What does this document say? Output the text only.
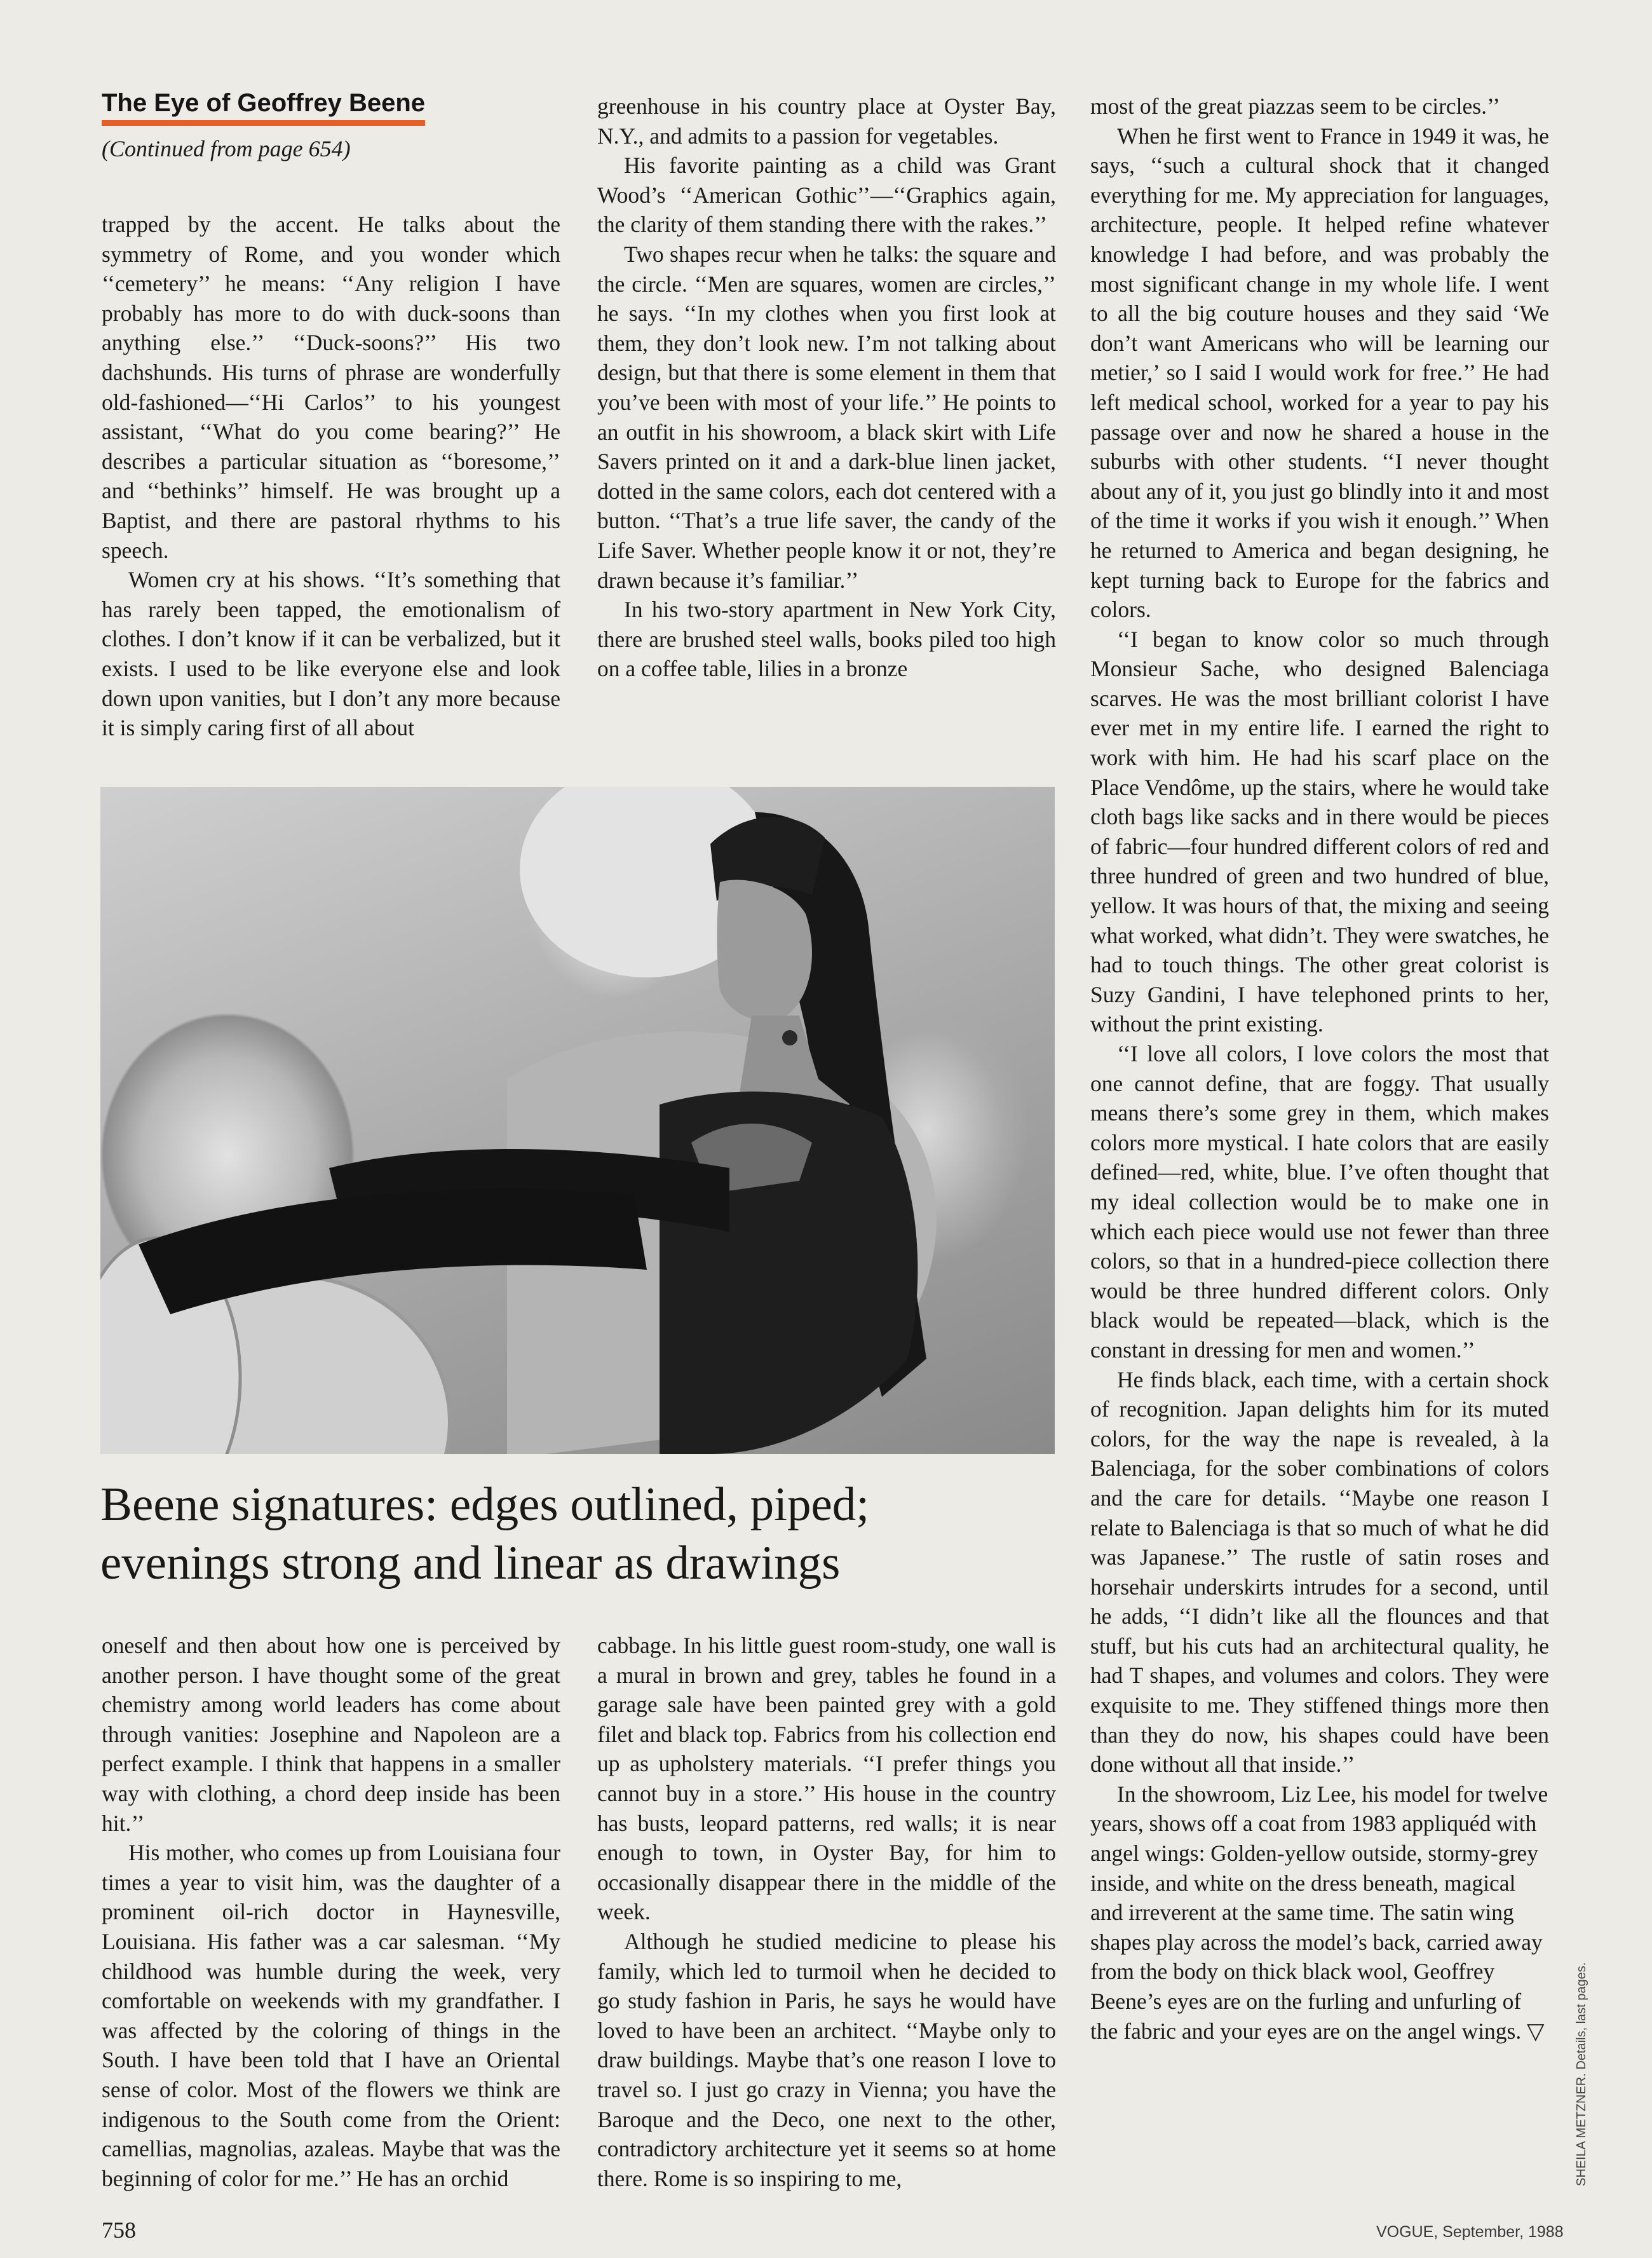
The Eye of Geoffrey Beene
(Continued from page 654)

trapped by the accent. He talks about the symmetry of Rome, and you wonder which ‘‘cemetery’’ he means: ‘‘Any religion I have probably has more to do with duck-soons than anything else.’’ ‘‘Duck-soons?’’ His two dachshunds. His turns of phrase are wonderfully old-fashioned—‘‘Hi Carlos’’ to his youngest assistant, ‘‘What do you come bearing?’’ He describes a particular situation as ‘‘boresome,’’ and ‘‘bethinks’’ himself. He was brought up a Baptist, and there are pastoral rhythms to his speech.

Women cry at his shows. ‘‘It’s something that has rarely been tapped, the emotionalism of clothes. I don’t know if it can be verbalized, but it exists. I used to be like everyone else and look down upon vanities, but I don’t any more because it is simply caring first of all about

greenhouse in his country place at Oyster Bay, N.Y., and admits to a passion for vegetables.

His favorite painting as a child was Grant Wood’s ‘‘American Gothic’’—‘‘Graphics again, the clarity of them standing there with the rakes.’’

Two shapes recur when he talks: the square and the circle. ‘‘Men are squares, women are circles,’’ he says. ‘‘In my clothes when you first look at them, they don’t look new. I’m not talking about design, but that there is some element in them that you’ve been with most of your life.’’ He points to an outfit in his showroom, a black skirt with Life Savers printed on it and a dark-blue linen jacket, dotted in the same colors, each dot centered with a button. ‘‘That’s a true life saver, the candy of the Life Saver. Whether people know it or not, they’re drawn because it’s familiar.’’

In his two-story apartment in New York City, there are brushed steel walls, books piled too high on a coffee table, lilies in a bronze

most of the great piazzas seem to be circles.’’

When he first went to France in 1949 it was, he says, ‘‘such a cultural shock that it changed everything for me. My appreciation for languages, architecture, people. It helped refine whatever knowledge I had before, and was probably the most significant change in my whole life. I went to all the big couture houses and they said ‘We don’t want Americans who will be learning our metier,’ so I said I would work for free.’’ He had left medical school, worked for a year to pay his passage over and now he shared a house in the suburbs with other students. ‘‘I never thought about any of it, you just go blindly into it and most of the time it works if you wish it enough.’’ When he returned to America and began designing, he kept turning back to Europe for the fabrics and colors.

‘‘I began to know color so much through Monsieur Sache, who designed Balenciaga scarves. He was the most brilliant colorist I have ever met in my entire life. I earned the right to work with him. He had his scarf place on the Place Vendôme, up the stairs, where he would take cloth bags like sacks and in there would be pieces of fabric—four hundred different colors of red and three hundred of green and two hundred of blue, yellow. It was hours of that, the mixing and seeing what worked, what didn’t. They were swatches, he had to touch things. The other great colorist is Suzy Gandini, I have telephoned prints to her, without the print existing.

‘‘I love all colors, I love colors the most that one cannot define, that are foggy. That usually means there’s some grey in them, which makes colors more mystical. I hate colors that are easily defined—red, white, blue. I’ve often thought that my ideal collection would be to make one in which each piece would use not fewer than three colors, so that in a hundred-piece collection there would be three hundred different colors. Only black would be repeated—black, which is the constant in dressing for men and women.’’

He finds black, each time, with a certain shock of recognition. Japan delights him for its muted colors, for the way the nape is revealed, à la Balenciaga, for the sober combinations of colors and the care for details. ‘‘Maybe one reason I relate to Balenciaga is that so much of what he did was Japanese.’’ The rustle of satin roses and horsehair underskirts intrudes for a second, until he adds, ‘‘I didn’t like all the flounces and that stuff, but his cuts had an architectural quality, he had T shapes, and volumes and colors. They were exquisite to me. They stiffened things more then than they do now, his shapes could have been done without all that inside.’’

In the showroom, Liz Lee, his model for twelve years, shows off a coat from 1983 appliquéd with angel wings: Golden-yellow outside, stormy-grey inside, and white on the dress beneath, magical and irreverent at the same time. The satin wing shapes play across the model’s back, carried away from the body on thick black wool, Geoffrey Beene’s eyes are on the furling and unfurling of the fabric and your eyes are on the angel wings. ▽

Beene signatures: edges outlined, piped;
evenings strong and linear as drawings

oneself and then about how one is perceived by another person. I have thought some of the great chemistry among world leaders has come about through vanities: Josephine and Napoleon are a perfect example. I think that happens in a smaller way with clothing, a chord deep inside has been hit.’’

His mother, who comes up from Louisiana four times a year to visit him, was the daughter of a prominent oil-rich doctor in Haynesville, Louisiana. His father was a car salesman. ‘‘My childhood was humble during the week, very comfortable on weekends with my grandfather. I was affected by the coloring of things in the South. I have been told that I have an Oriental sense of color. Most of the flowers we think are indigenous to the South come from the Orient: camellias, magnolias, azaleas. Maybe that was the beginning of color for me.’’ He has an orchid

cabbage. In his little guest room-study, one wall is a mural in brown and grey, tables he found in a garage sale have been painted grey with a gold filet and black top. Fabrics from his collection end up as upholstery materials. ‘‘I prefer things you cannot buy in a store.’’ His house in the country has busts, leopard patterns, red walls; it is near enough to town, in Oyster Bay, for him to occasionally disappear there in the middle of the week.

Although he studied medicine to please his family, which led to turmoil when he decided to go study fashion in Paris, he says he would have loved to have been an architect. ‘‘Maybe only to draw buildings. Maybe that’s one reason I love to travel so. I just go crazy in Vienna; you have the Baroque and the Deco, one next to the other, contradictory architecture yet it seems so at home there. Rome is so inspiring to me,	SHEILA METZNER. Details, last pages.
758	VOGUE, September, 1988
